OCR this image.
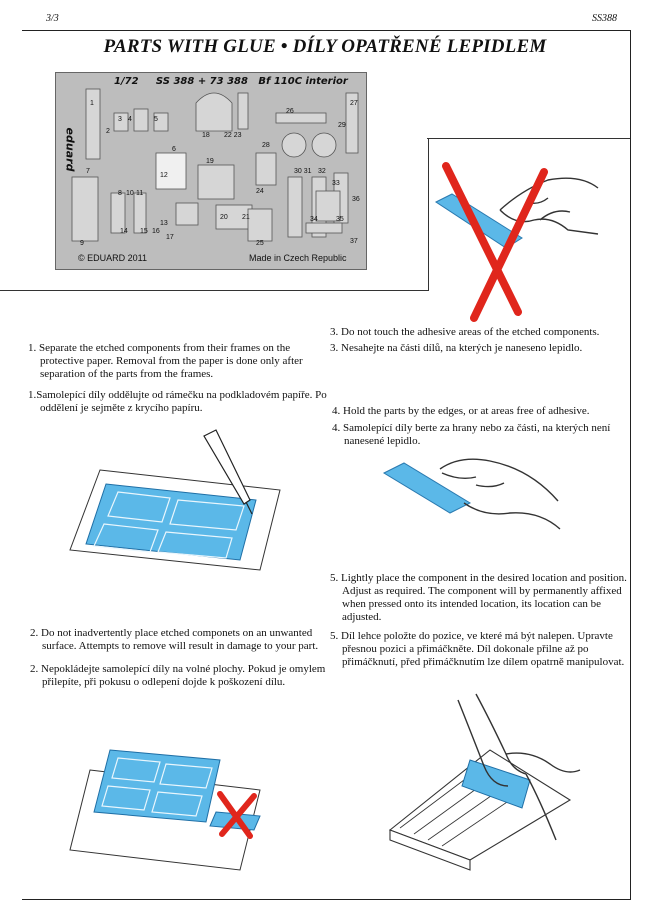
3/3	SS388
PARTS WITH GLUE • DÍLY OPATŘENÉ LEPIDLEM
1/72     SS 388 + 73 388   Bf 110C interior
eduard
© EDUARD 2011	Made in Czech Republic
3 4	5
18 22 23
26
27
29
7
19
6
8 10 11
14 15 16
17
9
20 21
24
25
30 31 32
33
34	35
37
36
12
13
2
1
28

1. Separate the etched components from their frames on the protective paper. Removal from the paper is done only after separation of the parts from the frames.

1.Samolepící díly oddělujte od rámečku na podkladovém papíře. Po oddělení je sejměte z krycího papíru.

3. Do not touch the adhesive areas of the etched components.

3. Nesahejte na části dílů, na kterých je naneseno lepidlo.

4. Hold the parts by the edges, or at areas free of adhesive.

4. Samolepící díly berte za hrany nebo za části, na kterých není nanesené lepidlo.

5. Lightly place the component in the desired location and position. Adjust as required. The component will by permanently affixed when pressed onto its intended location, its location can be adjusted.

5. Díl lehce položte do pozice, ve které má být nalepen. Upravte přesnou pozici a přimáčkněte. Díl dokonale přilne až po přimáčknutí, před přimáčknutím lze dílem opatrně manipulovat.

2. Do not inadvertently place etched componets on an unwanted surface. Attempts to remove will result in damage to your part.

2. Nepokládejte samolepící díly na volné plochy. Pokud je omylem přilepíte, při pokusu o odlepení dojde k poškození dílu.
